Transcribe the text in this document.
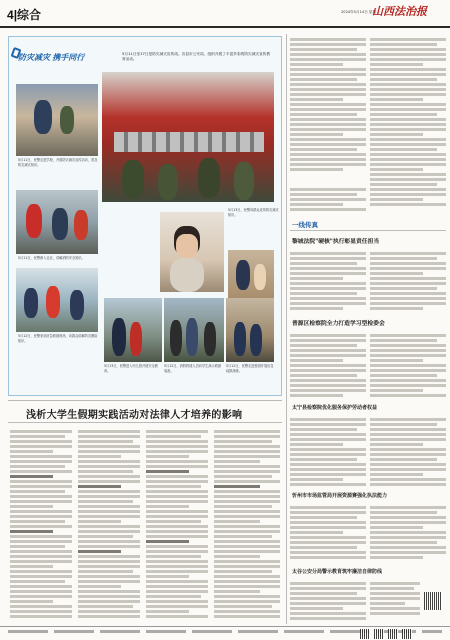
4|综合	2024年5月14日 星期二
山西法治报
防灾减灾 携手同行	5月11日至17日是防灾减灾宣传周。各县市公安局，组织开展了丰富多彩的防灾减灾宣传教育活动。
5月11日，民警走进学校，开展防灾减灾宣传活动，普及防灾减灾知识。
5月11日，民警深入社区，讲解消防安全知识。
5月13日，民警向群众宣传防灾减灾知识。
5月12日，民警来到应急救援现场，向群众讲解防灾避险知识。
5月13日，民警进入幼儿园开展安全教育。
5月12日，消防救援人员向学生演示救援装备。
5月12日，民警走进校园开展应急疏散演练。
浅析大学生假期实践活动对法律人才培养的影响
一线传真
黎城法院"硬核"执行彰显责任担当
普源区检察院全力打造学习型检委会
太宁县检察院优化服务保护劳动者权益
忻州市市场监管局开展资源赛强化执法能力
太谷公安分局警示教育筑牢廉洁自律防线
